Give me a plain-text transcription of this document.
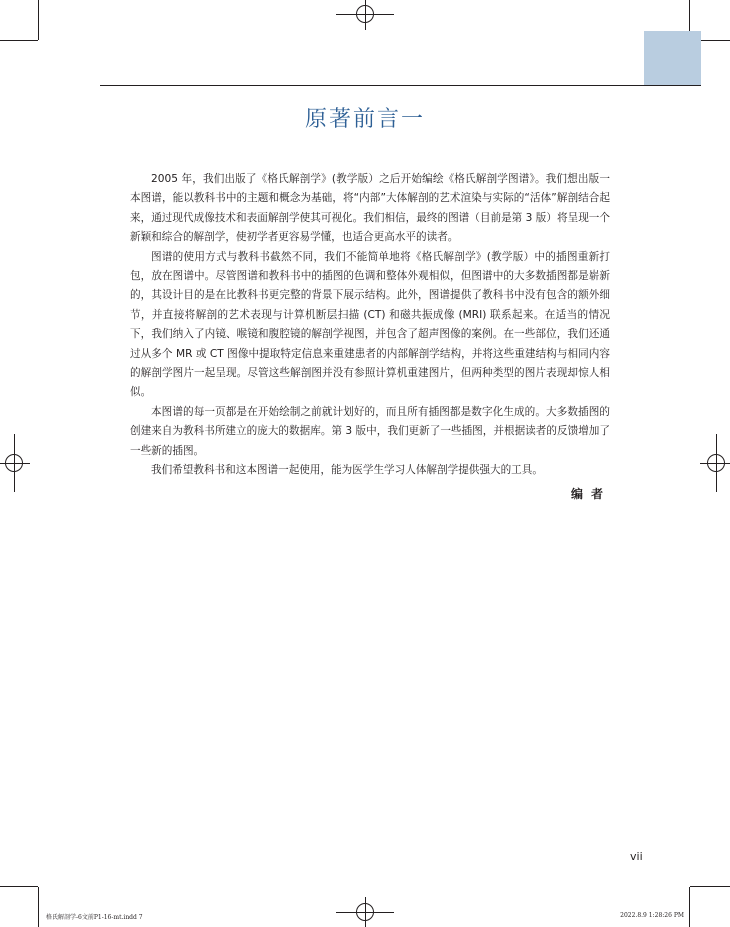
原著前言一

2005 年，我们出版了《格氏解剖学》(教学版）之后开始编绘《格氏解剖学图谱》。我们想出版一本图谱，能以教科书中的主题和概念为基础，将“内部”大体解剖的艺术渲染与实际的“活体”解剖结合起来，通过现代成像技术和表面解剖学使其可视化。我们相信，最终的图谱（目前是第 3 版）将呈现一个新颖和综合的解剖学，使初学者更容易学懂，也适合更高水平的读者。

图谱的使用方式与教科书截然不同，我们不能简单地将《格氏解剖学》(教学版）中的插图重新打包，放在图谱中。尽管图谱和教科书中的插图的色调和整体外观相似，但图谱中的大多数插图都是崭新的，其设计目的是在比教科书更完整的背景下展示结构。此外，图谱提供了教科书中没有包含的额外细节，并直接将解剖的艺术表现与计算机断层扫描 (CT) 和磁共振成像 (MRI) 联系起来。在适当的情况下，我们纳入了内镜、喉镜和腹腔镜的解剖学视图，并包含了超声图像的案例。在一些部位，我们还通过从多个 MR 或 CT 图像中提取特定信息来重建患者的内部解剖学结构，并将这些重建结构与相同内容的解剖学图片一起呈现。尽管这些解剖图并没有参照计算机重建图片，但两种类型的图片表现却惊人相似。

本图谱的每一页都是在开始绘制之前就计划好的，而且所有插图都是数字化生成的。大多数插图的创建来自为教科书所建立的庞大的数据库。第 3 版中，我们更新了一些插图，并根据读者的反馈增加了一些新的插图。

我们希望教科书和这本图谱一起使用，能为医学生学习人体解剖学提供强大的工具。

编者
vii
格氏解剖学-6文前P1-16-mt.indd 7	2022.8.9 1:28:26 PM
